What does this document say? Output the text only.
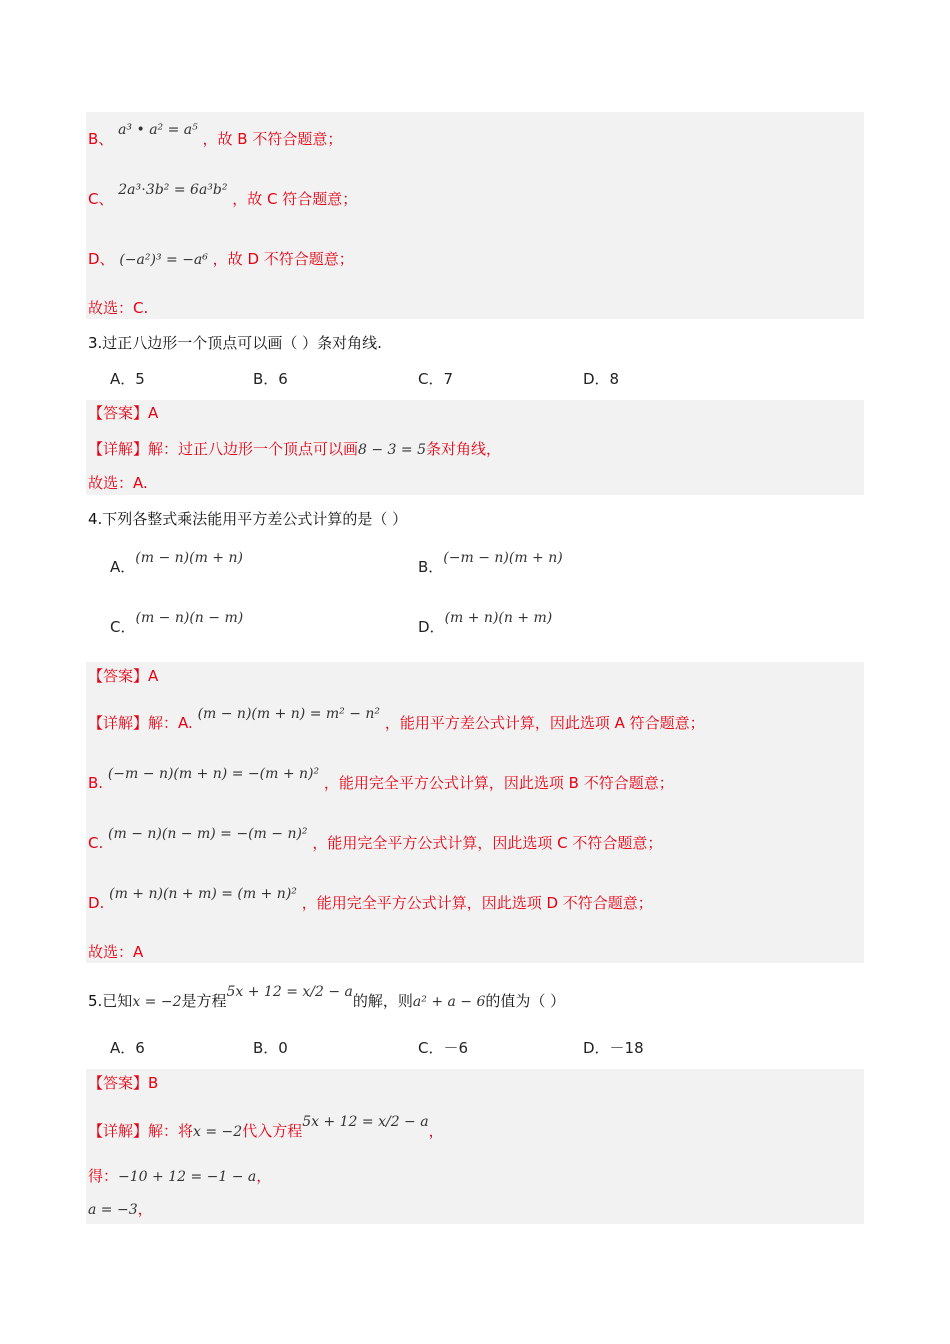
B、 a³ • a² = a⁵ ，故 B 不符合题意；
C、 2a³⋅3b² = 6a³b² ，故 C 符合题意；
D、 (−a²)³ = −a⁶ ，故 D 不符合题意；
故选：C.
3.过正八边形一个顶点可以画（ ）条对角线.
A．5	B．6	C．7	D．8
【答案】A
【详解】解：过正八边形一个顶点可以画8 − 3 = 5条对角线，
故选：A.
4.下列各整式乘法能用平方差公式计算的是（ ）
A．(m − n)(m + n)	B．(−m − n)(m + n)
C．(m − n)(n − m)	D．(m + n)(n + m)
【答案】A
【详解】解：A. (m − n)(m + n) = m² − n² ，能用平方差公式计算，因此选项 A 符合题意；
B. (−m − n)(m + n) = −(m + n)² ，能用完全平方公式计算，因此选项 B 不符合题意；
C. (m − n)(n − m) = −(m − n)² ，能用完全平方公式计算，因此选项 C 不符合题意；
D. (m + n)(n + m) = (m + n)² ，能用完全平方公式计算，因此选项 D 不符合题意；
故选：A
5.已知x = −2是方程5x + 12 = x/2 − a的解，则a² + a − 6的值为（ ）
A．6	B．0	C．－6	D．－18
【答案】B
【详解】解：将x = −2代入方程5x + 12 = x/2 − a，
得：−10 + 12 = −1 − a，
a = −3，
